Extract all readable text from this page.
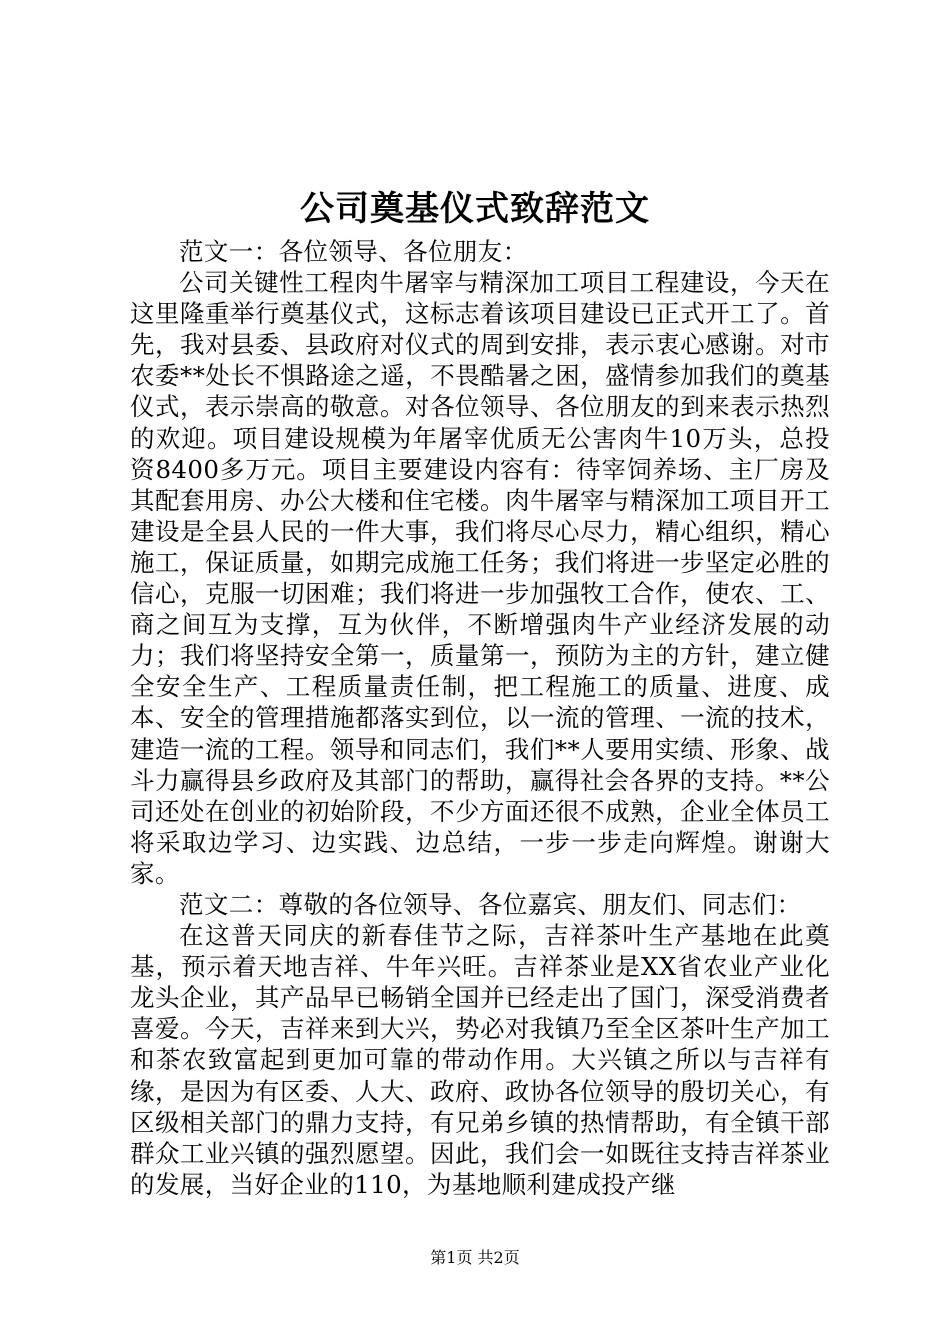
公司奠基仪式致辞范文

范文一：各位领导、各位朋友：

公司关键性工程肉牛屠宰与精深加工项目工程建设，今天在这里隆重举行奠基仪式，这标志着该项目建设已正式开工了。首先，我对县委、县政府对仪式的周到安排，表示衷心感谢。对市农委**处长不惧路途之遥，不畏酷暑之困，盛情参加我们的奠基仪式，表示崇高的敬意。对各位领导、各位朋友的到来表示热烈的欢迎。项目建设规模为年屠宰优质无公害肉牛10万头，总投资8400多万元。项目主要建设内容有：待宰饲养场、主厂房及其配套用房、办公大楼和住宅楼。肉牛屠宰与精深加工项目开工建设是全县人民的一件大事，我们将尽心尽力，精心组织，精心施工，保证质量，如期完成施工任务；我们将进一步坚定必胜的信心，克服一切困难；我们将进一步加强牧工合作，使农、工、商之间互为支撑，互为伙伴，不断增强肉牛产业经济发展的动力；我们将坚持安全第一，质量第一，预防为主的方针，建立健全安全生产、工程质量责任制，把工程施工的质量、进度、成本、安全的管理措施都落实到位，以一流的管理、一流的技术，建造一流的工程。领导和同志们，我们**人要用实绩、形象、战斗力赢得县乡政府及其部门的帮助，赢得社会各界的支持。**公司还处在创业的初始阶段，不少方面还很不成熟，企业全体员工将采取边学习、边实践、边总结，一步一步走向辉煌。谢谢大家。

范文二：尊敬的各位领导、各位嘉宾、朋友们、同志们：

在这普天同庆的新春佳节之际，吉祥茶叶生产基地在此奠基，预示着天地吉祥、牛年兴旺。吉祥茶业是XX省农业产业化龙头企业，其产品早已畅销全国并已经走出了国门，深受消费者喜爱。今天，吉祥来到大兴，势必对我镇乃至全区茶叶生产加工和茶农致富起到更加可靠的带动作用。大兴镇之所以与吉祥有缘，是因为有区委、人大、政府、政协各位领导的殷切关心，有区级相关部门的鼎力支持，有兄弟乡镇的热情帮助，有全镇干部群众工业兴镇的强烈愿望。因此，我们会一如既往支持吉祥茶业的发展，当好企业的110，为基地顺利建成投产继

第1页 共2页
